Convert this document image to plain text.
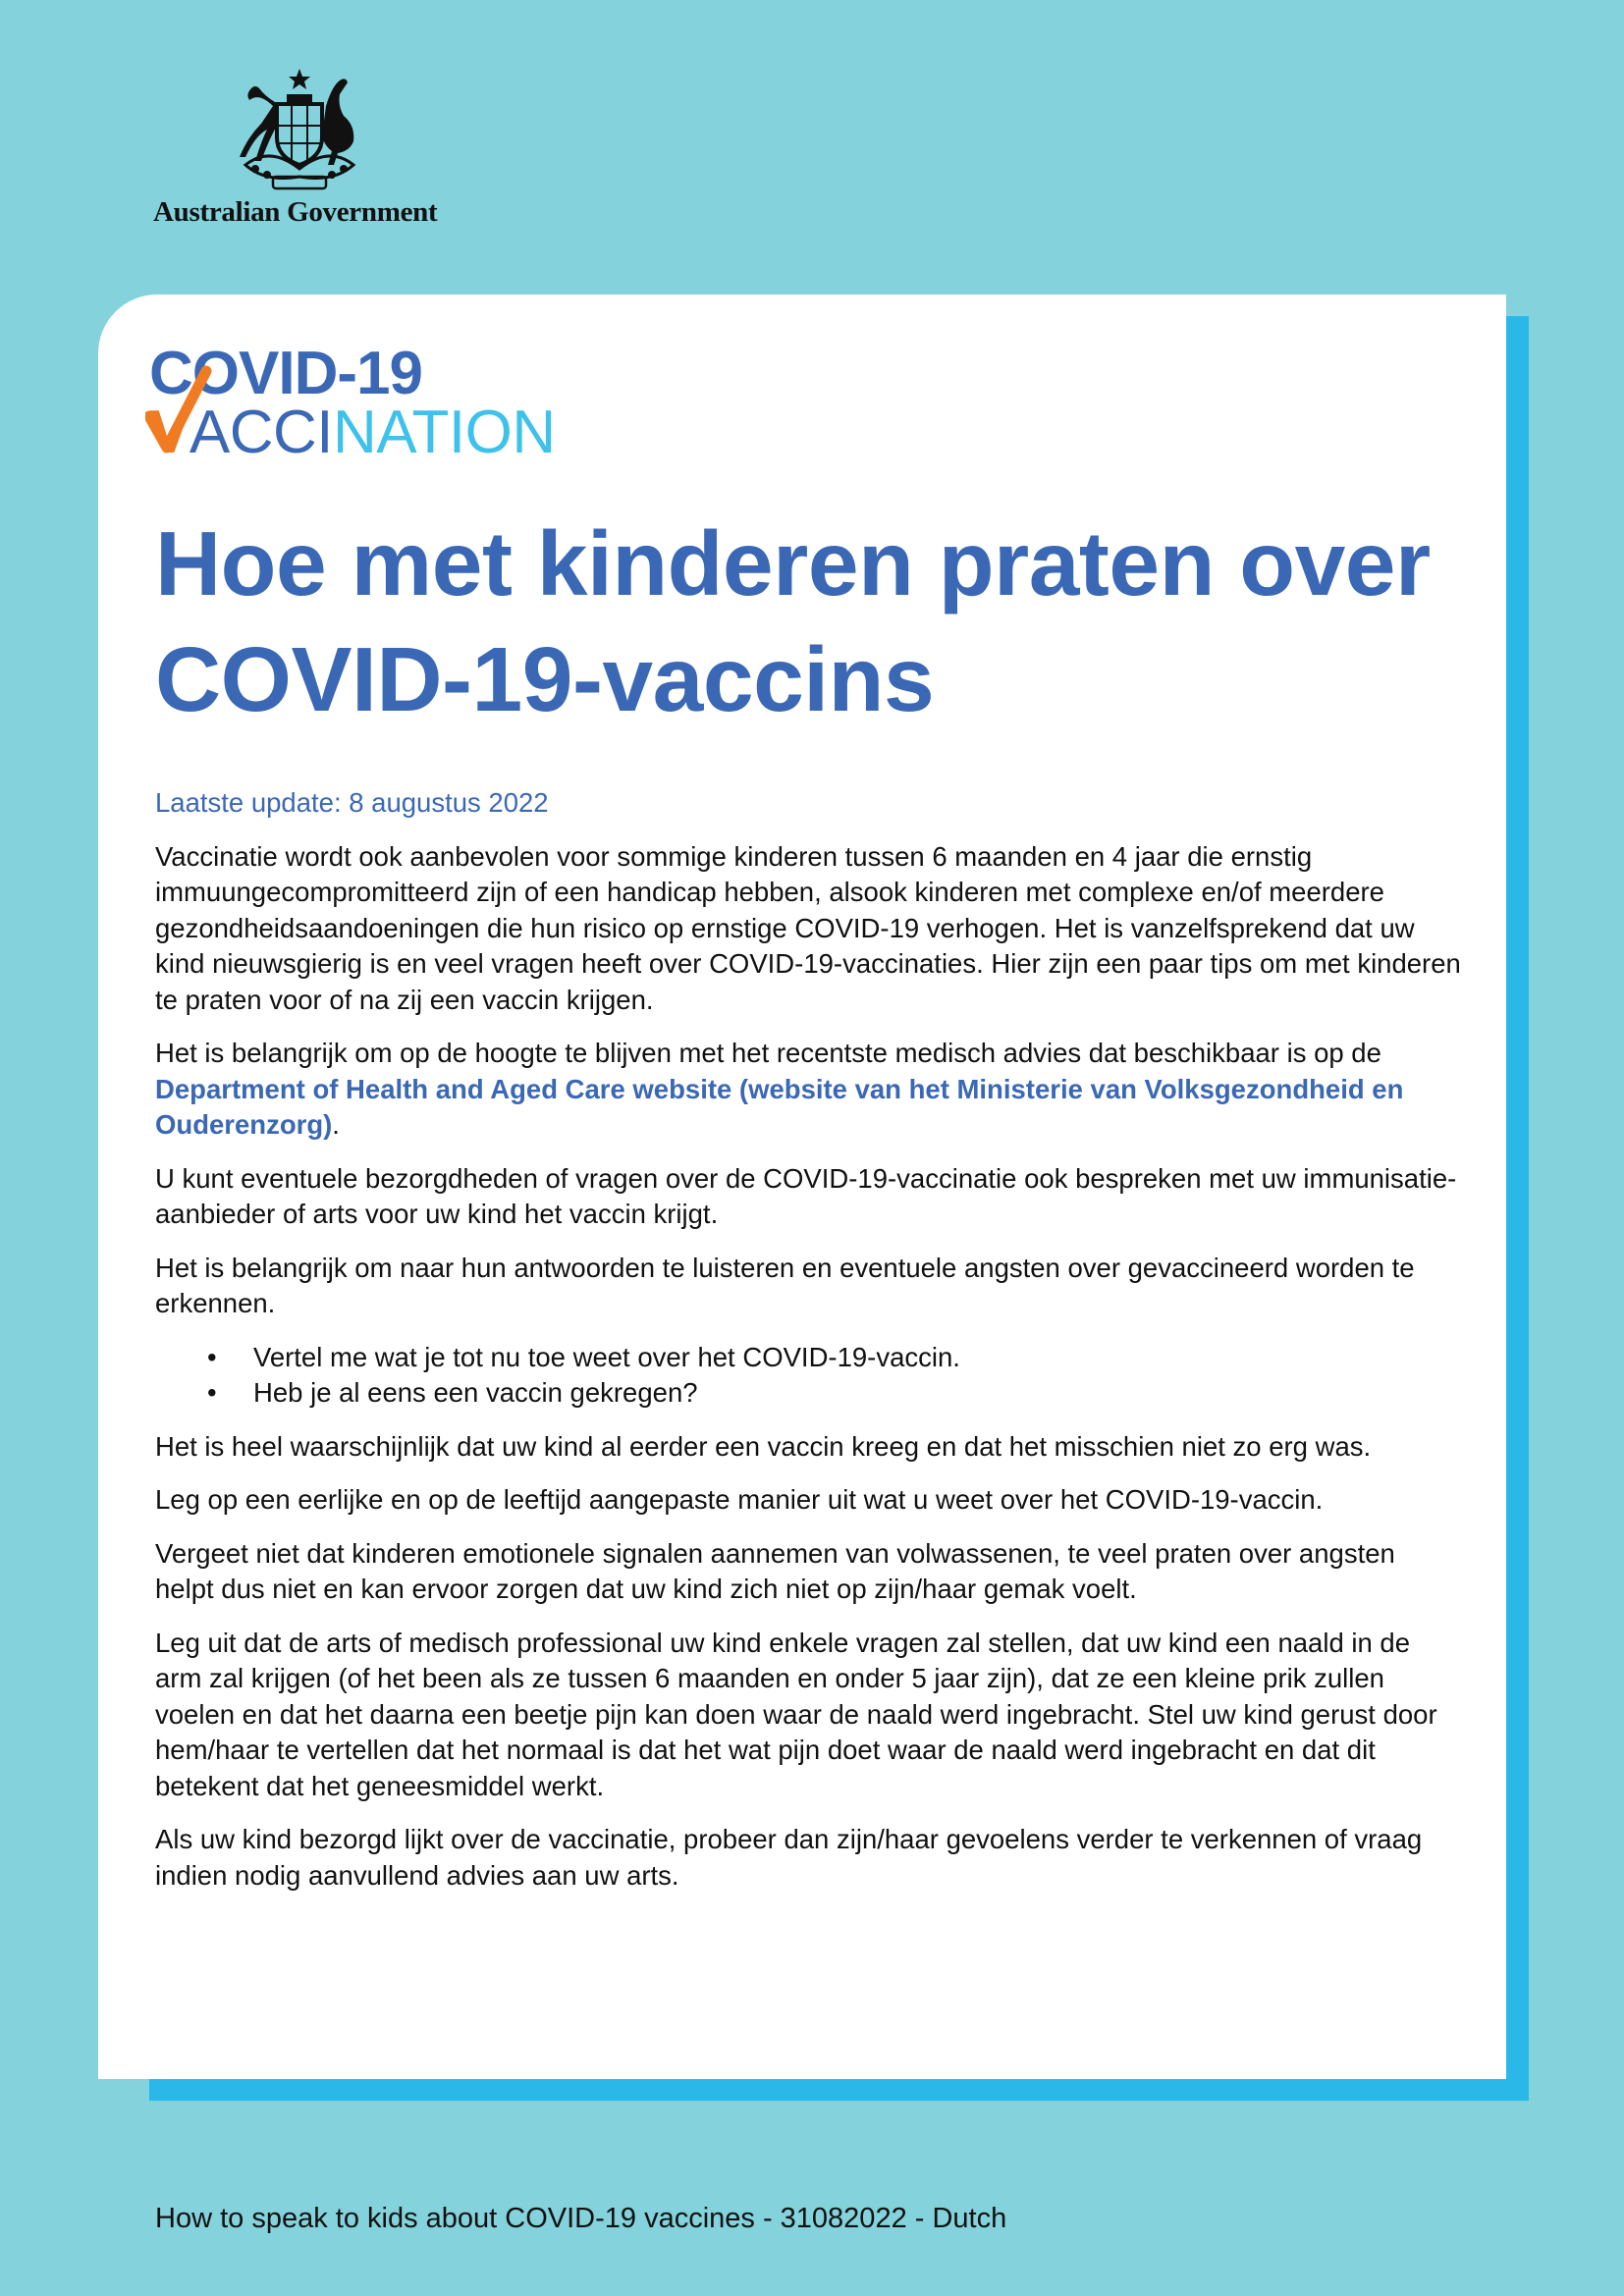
Australian Government
COVID-19
VACCINATION
Hoe met kinderen praten over COVID-19-vaccins

Laatste update: 8 augustus 2022

Vaccinatie wordt ook aanbevolen voor sommige kinderen tussen 6 maanden en 4 jaar die ernstig immuungecompromitteerd zijn of een handicap hebben, alsook kinderen met complexe en/of meerdere gezondheidsaandoeningen die hun risico op ernstige COVID-19 verhogen. Het is vanzelfsprekend dat uw kind nieuwsgierig is en veel vragen heeft over COVID-19-vaccinaties. Hier zijn een paar tips om met kinderen te praten voor of na zij een vaccin krijgen.

Het is belangrijk om op de hoogte te blijven met het recentste medisch advies dat beschikbaar is op de Department of Health and Aged Care website (website van het Ministerie van Volksgezondheid en Ouderenzorg).

U kunt eventuele bezorgdheden of vragen over de COVID-19-vaccinatie ook bespreken met uw immunisatie-aanbieder of arts voor uw kind het vaccin krijgt.

Het is belangrijk om naar hun antwoorden te luisteren en eventuele angsten over gevaccineerd worden te erkennen.

• Vertel me wat je tot nu toe weet over het COVID-19-vaccin.
• Heb je al eens een vaccin gekregen?

Het is heel waarschijnlijk dat uw kind al eerder een vaccin kreeg en dat het misschien niet zo erg was.

Leg op een eerlijke en op de leeftijd aangepaste manier uit wat u weet over het COVID-19-vaccin.

Vergeet niet dat kinderen emotionele signalen aannemen van volwassenen, te veel praten over angsten helpt dus niet en kan ervoor zorgen dat uw kind zich niet op zijn/haar gemak voelt.

Leg uit dat de arts of medisch professional uw kind enkele vragen zal stellen, dat uw kind een naald in de arm zal krijgen (of het been als ze tussen 6 maanden en onder 5 jaar zijn), dat ze een kleine prik zullen voelen en dat het daarna een beetje pijn kan doen waar de naald werd ingebracht. Stel uw kind gerust door hem/haar te vertellen dat het normaal is dat het wat pijn doet waar de naald werd ingebracht en dat dit betekent dat het geneesmiddel werkt.

Als uw kind bezorgd lijkt over de vaccinatie, probeer dan zijn/haar gevoelens verder te verkennen of vraag indien nodig aanvullend advies aan uw arts.

How to speak to kids about COVID-19 vaccines - 31082022 - Dutch
